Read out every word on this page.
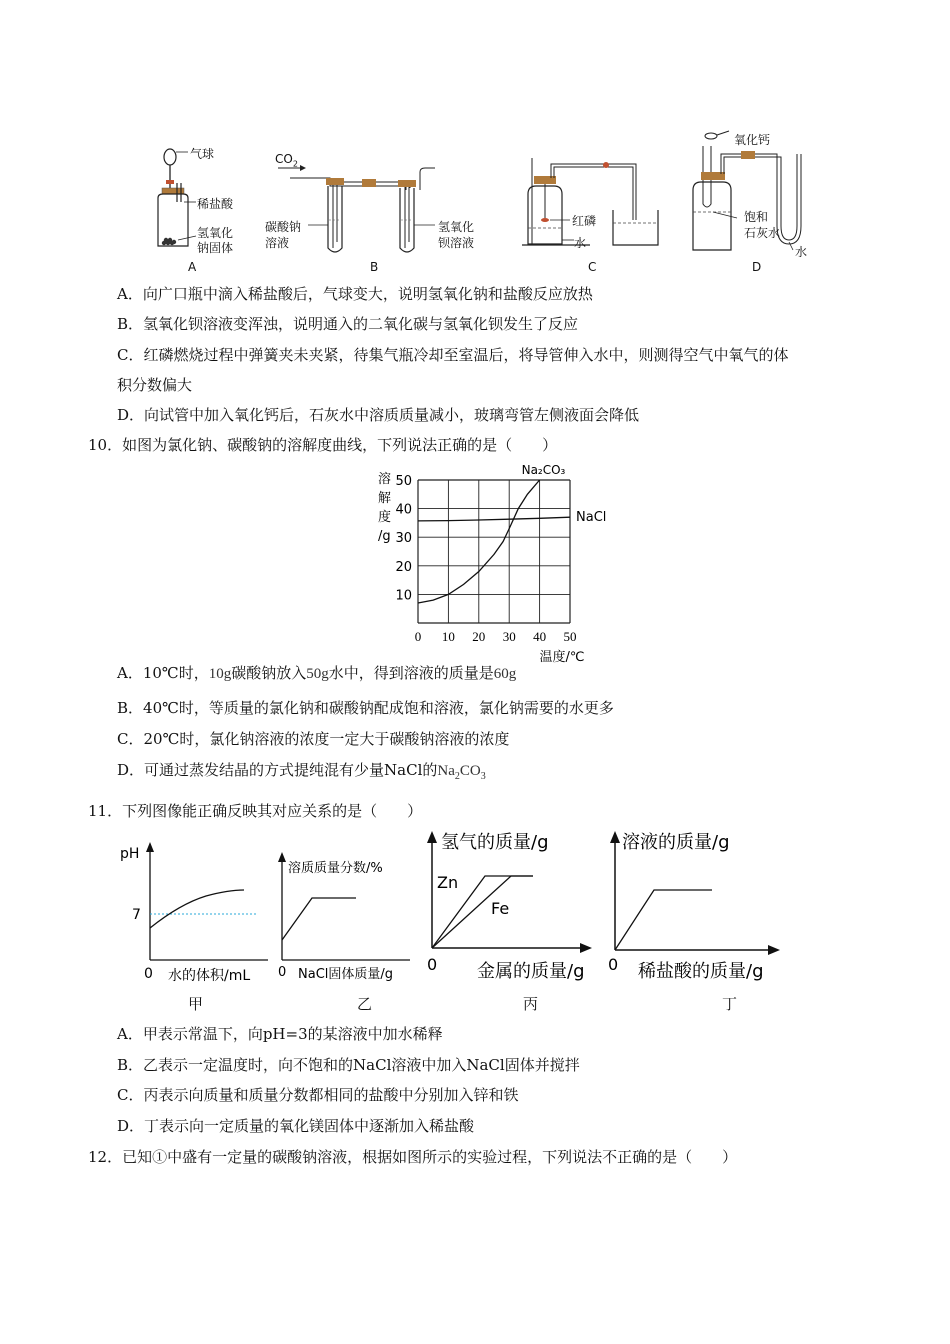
气球
稀盐酸
氢氧化
钠固体
A
$CO_2$
碳酸钠
溶液
氢氧化
钡溶液
B
红磷
水
C
氧化钙
饱和
石灰水
水
D
A．向广口瓶中滴入稀盐酸后，气球变大，说明氢氧化钠和盐酸反应放热
B．氢氧化钡溶液变浑浊，说明通入的二氧化碳与氢氧化钡发生了反应
C．红磷燃烧过程中弹簧夹未夹紧，待集气瓶冷却至室温后，将导管伸入水中，则测得空气中氧气的体
积分数偏大
D．向试管中加入氧化钙后，石灰水中溶质质量减小，玻璃弯管左侧液面会降低
10．如图为氯化钠、碳酸钠的溶解度曲线，下列说法正确的是（　　）
0 10 20 30 40 50
10
20
30
40
50
溶
解
度
/g
温度/℃
Na₂CO₃
NaCl
A．10℃时，10g碳酸钠放入50g水中，得到溶液的质量是60g
B．40℃时，等质量的氯化钠和碳酸钠配成饱和溶液，氯化钠需要的水更多
C．20℃时，氯化钠溶液的浓度一定大于碳酸钠溶液的浓度
D．可通过蒸发结晶的方式提纯混有少量NaCl的$Na_2CO_3$
11．下列图像能正确反映其对应关系的是（　　）
pH
7
0 水的体积/mL
甲
溶质质量分数/%
0 NaCl固体质量/g
乙
氢气的质量/g
Zn
Fe
0 金属的质量/g
丙
溶液的质量/g
0 稀盐酸的质量/g
丁
A．甲表示常温下，向pH=3的某溶液中加水稀释
B．乙表示一定温度时，向不饱和的NaCl溶液中加入NaCl固体并搅拌
C．丙表示向质量和质量分数都相同的盐酸中分别加入锌和铁
D．丁表示向一定质量的氧化镁固体中逐渐加入稀盐酸
12．已知①中盛有一定量的碳酸钠溶液，根据如图所示的实验过程，下列说法不正确的是（　　）
